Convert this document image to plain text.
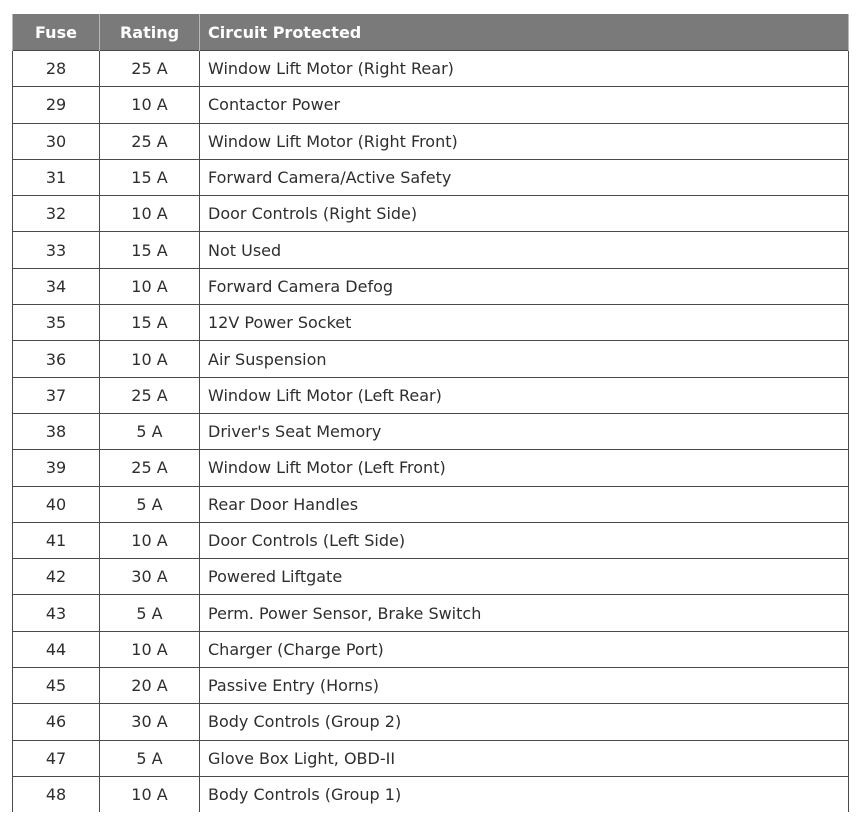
Fuse	Rating	Circuit Protected
28	25 A	Window Lift Motor (Right Rear)
29	10 A	Contactor Power
30	25 A	Window Lift Motor (Right Front)
31	15 A	Forward Camera/Active Safety
32	10 A	Door Controls (Right Side)
33	15 A	Not Used
34	10 A	Forward Camera Defog
35	15 A	12V Power Socket
36	10 A	Air Suspension
37	25 A	Window Lift Motor (Left Rear)
38	5 A	Driver's Seat Memory
39	25 A	Window Lift Motor (Left Front)
40	5 A	Rear Door Handles
41	10 A	Door Controls (Left Side)
42	30 A	Powered Liftgate
43	5 A	Perm. Power Sensor, Brake Switch
44	10 A	Charger (Charge Port)
45	20 A	Passive Entry (Horns)
46	30 A	Body Controls (Group 2)
47	5 A	Glove Box Light, OBD-II
48	10 A	Body Controls (Group 1)
